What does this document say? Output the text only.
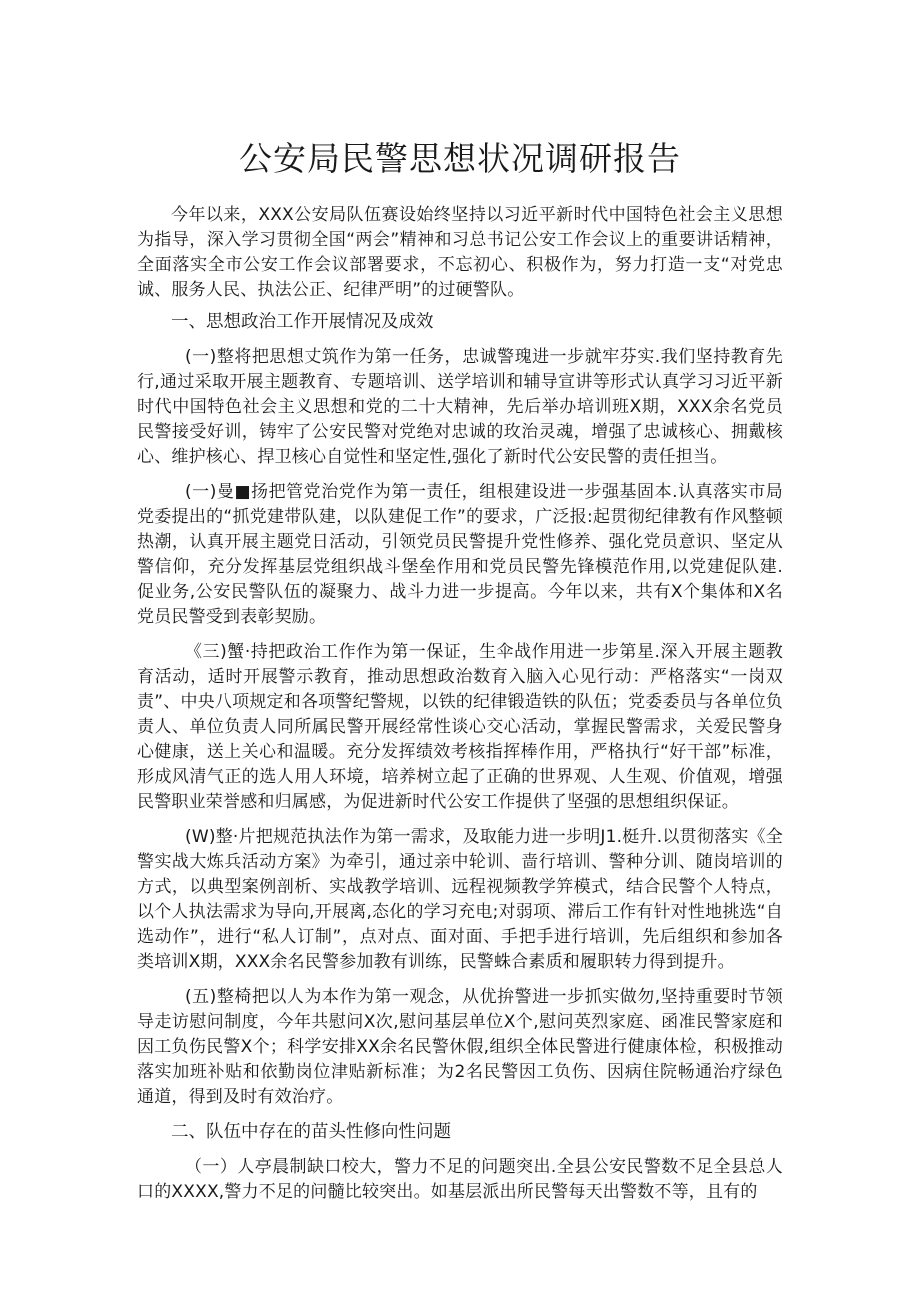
公安局民警思想状况调研报告

今年以来，XXX公安局队伍赛设始终坚持以习近平新时代中国特色社会主义思想为指导，深入学习贯彻全国“两会”精神和习总书记公安工作会议上的重要讲话精神，全面落实全市公安工作会议部署要求，不忘初心、积极作为，努力打造一支“对党忠诚、服务人民、执法公正、纪律严明”的过硬警队。

一、思想政治工作开展情况及成效

(一)整将把思想丈筑作为第一任务，忠诚警瑰进一步就牢芬实.我们坚持教育先行,通过采取开展主题教育、专题培训、送学培训和辅导宣讲等形式认真学习习近平新时代中国特色社会主义思想和党的二十大精神，先后举办培训班X期，XXX余名党员民警接受好训，铸牢了公安民警对党绝对忠诚的玫治灵魂，增强了忠诚核心、拥戴核心、维护核心、捍卫核心自觉性和坚定性,强化了新时代公安民警的责任担当。

(一)曼■扬把管党治党作为第一责任，组根建设进一步强基固本.认真落实市局党委提出的“抓党建带队建，以队建促工作”的要求，广泛报:起贯彻纪律教有作风整顿热潮，认真开展主题党日活动，引领党员民警提升党性修养、强化党员意识、坚定从警信仰，充分发挥基层党组织战斗堡垒作用和党员民警先锋模范作用,以党建促队建.促业务,公安民警队伍的凝聚力、战斗力进一步提高。今年以来，共有X个集体和X名党员民警受到表彰契励。

《三)蟹·持把政治工作作为第一保证，生伞战作用进一步第星.深入开展主题教育活动，适时开展警示教育，推动思想政治数育入脑入心见行动：严格落实“一岗双责”、中央八项规定和各项警纪警规，以铁的纪律锻造铁的队伍；党委委员与各单位负责人、单位负责人同所属民警开展经常性谈心交心活动，掌握民警需求，关爱民警身心健康，送上关心和温暖。充分发挥绩效考核指挥棒作用，严格执行“好干部”标准，形成风清气正的选人用人环境，培养树立起了正确的世界观、人生观、价值观，增强民警职业荣誉感和归属感，为促进新时代公安工作提供了坚强的思想组织保证。

(W)整·片把规范执法作为第一需求，及取能力进一步明J1.梃升.以贯彻落实《全警实战大炼兵活动方案》为牵引，通过亲中轮训、啬行培训、警种分训、随岗培训的方式，以典型案例剖析、实战教学培训、远程视频教学笄模式，结合民警个人特点，以个人执法需求为导向,开展离,态化的学习充电;对弱项、滞后工作有针对性地挑选“自选动作”，进行“私人订制”，点对点、面对面、手把手进行培训，先后组织和参加各类培训X期，XXX余名民警参加教有训练，民警蛛合素质和履职转力得到提升。

(五)整椅把以人为本作为第一观念，从优拚警进一步抓实做勿,坚持重要时节领导走访慰问制度，今年共慰问X次,慰问基层单位X个,慰问英烈家庭、函准民警家庭和因工负伤民警X个；科学安排XX余名民警休假,组织全体民警进行健康体检，积极推动落实加班补贴和依勤岗位津贴新标准；为2名民警因工负伤、因病住院畅通治疗绿色通道，得到及时有效治疗。

二、队伍中存在的苗头性修向性问题

（一）人亭晨制缺口校大，警力不足的问题突出.全县公安民警数不足全县总人口的XXXX,警力不足的问髓比较突出。如基层派出所民警每天出警数不等，且有的
